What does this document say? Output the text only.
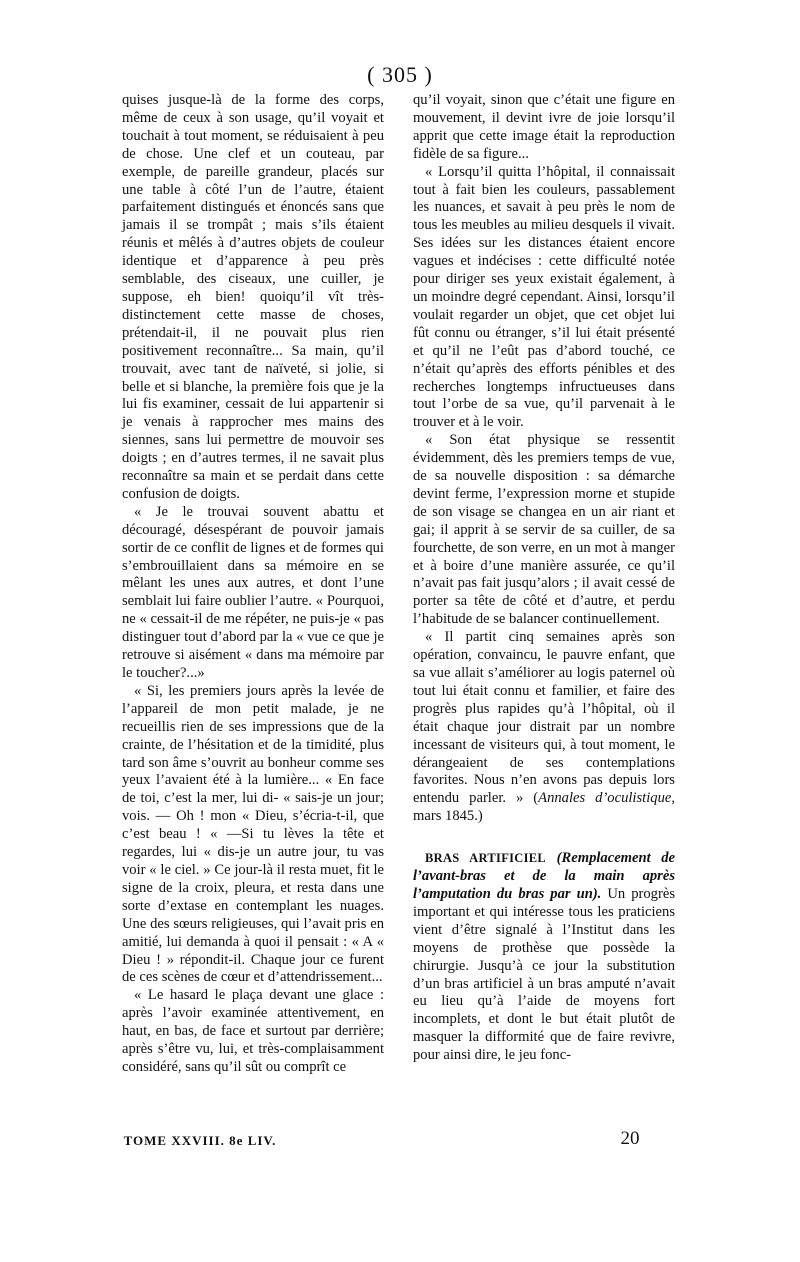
( 305 )

quises jusque-là de la forme des corps, même de ceux à son usage, qu’il voyait et touchait à tout moment, se réduisaient à peu de chose. Une clef et un couteau, par exemple, de pareille grandeur, placés sur une table à côté l’un de l’autre, étaient parfaitement distingués et énoncés sans que jamais il se trompât ; mais s’ils étaient réunis et mêlés à d’autres objets de couleur identique et d’apparence à peu près semblable, des ciseaux, une cuiller, je suppose, eh bien! quoiqu’il vît très-distinctement cette masse de choses, prétendait-il, il ne pouvait plus rien positivement reconnaître... Sa main, qu’il trouvait, avec tant de naïveté, si jolie, si belle et si blanche, la première fois que je la lui fis examiner, cessait de lui appartenir si je venais à rapprocher mes mains des siennes, sans lui permettre de mouvoir ses doigts ; en d’autres termes, il ne savait plus reconnaître sa main et se perdait dans cette confusion de doigts.

« Je le trouvai souvent abattu et découragé, désespérant de pouvoir jamais sortir de ce conflit de lignes et de formes qui s’embrouillaient dans sa mémoire en se mêlant les unes aux autres, et dont l’une semblait lui faire oublier l’autre. « Pourquoi, ne « cessait-il de me répéter, ne puis-je « pas distinguer tout d’abord par la « vue ce que je retrouve si aisément « dans ma mémoire par le toucher?...»

« Si, les premiers jours après la levée de l’appareil de mon petit malade, je ne recueillis rien de ses impressions que de la crainte, de l’hésitation et de la timidité, plus tard son âme s’ouvrit au bonheur comme ses yeux l’avaient été à la lumière... « En face de toi, c’est la mer, lui di- « sais-je un jour; vois. — Oh ! mon « Dieu, s’écria-t-il, que c’est beau ! « —Si tu lèves la tête et regardes, lui « dis-je un autre jour, tu vas voir « le ciel. » Ce jour-là il resta muet, fit le signe de la croix, pleura, et resta dans une sorte d’extase en contemplant les nuages. Une des sœurs religieuses, qui l’avait pris en amitié, lui demanda à quoi il pensait : « A « Dieu ! » répondit-il. Chaque jour ce furent de ces scènes de cœur et d’attendrissement...

« Le hasard le plaça devant une glace : après l’avoir examinée attentivement, en haut, en bas, de face et surtout par derrière; après s’être vu, lui, et très-complaisamment considéré, sans qu’il sût ou comprît ce

qu’il voyait, sinon que c’était une figure en mouvement, il devint ivre de joie lorsqu’il apprit que cette image était la reproduction fidèle de sa figure...

« Lorsqu’il quitta l’hôpital, il connaissait tout à fait bien les couleurs, passablement les nuances, et savait à peu près le nom de tous les meubles au milieu desquels il vivait. Ses idées sur les distances étaient encore vagues et indécises : cette difficulté notée pour diriger ses yeux existait également, à un moindre degré cependant. Ainsi, lorsqu’il voulait regarder un objet, que cet objet lui fût connu ou étranger, s’il lui était présenté et qu’il ne l’eût pas d’abord touché, ce n’était qu’après des efforts pénibles et des recherches longtemps infructueuses dans tout l’orbe de sa vue, qu’il parvenait à le trouver et à le voir.

« Son état physique se ressentit évidemment, dès les premiers temps de vue, de sa nouvelle disposition : sa démarche devint ferme, l’expression morne et stupide de son visage se changea en un air riant et gai; il apprit à se servir de sa cuiller, de sa fourchette, de son verre, en un mot à manger et à boire d’une manière assurée, ce qu’il n’avait pas fait jusqu’alors ; il avait cessé de porter sa tête de côté et d’autre, et perdu l’habitude de se balancer continuellement.

« Il partit cinq semaines après son opération, convaincu, le pauvre enfant, que sa vue allait s’améliorer au logis paternel où tout lui était connu et familier, et faire des progrès plus rapides qu’à l’hôpital, où il était chaque jour distrait par un nombre incessant de visiteurs qui, à tout moment, le dérangeaient de ses contemplations favorites. Nous n’en avons pas depuis lors entendu parler. » (Annales d’oculistique, mars 1845.)

BRAS ARTIFICIEL (Remplacement de l’avant-bras et de la main après l’amputation du bras par un). Un progrès important et qui intéresse tous les praticiens vient d’être signalé à l’Institut dans les moyens de prothèse que possède la chirurgie. Jusqu’à ce jour la substitution d’un bras artificiel à un bras amputé n’avait eu lieu qu’à l’aide de moyens fort incomplets, et dont le but était plutôt de masquer la difformité que de faire revivre, pour ainsi dire, le jeu fonc-

TOME XXVIII. 8e LIV.	20
